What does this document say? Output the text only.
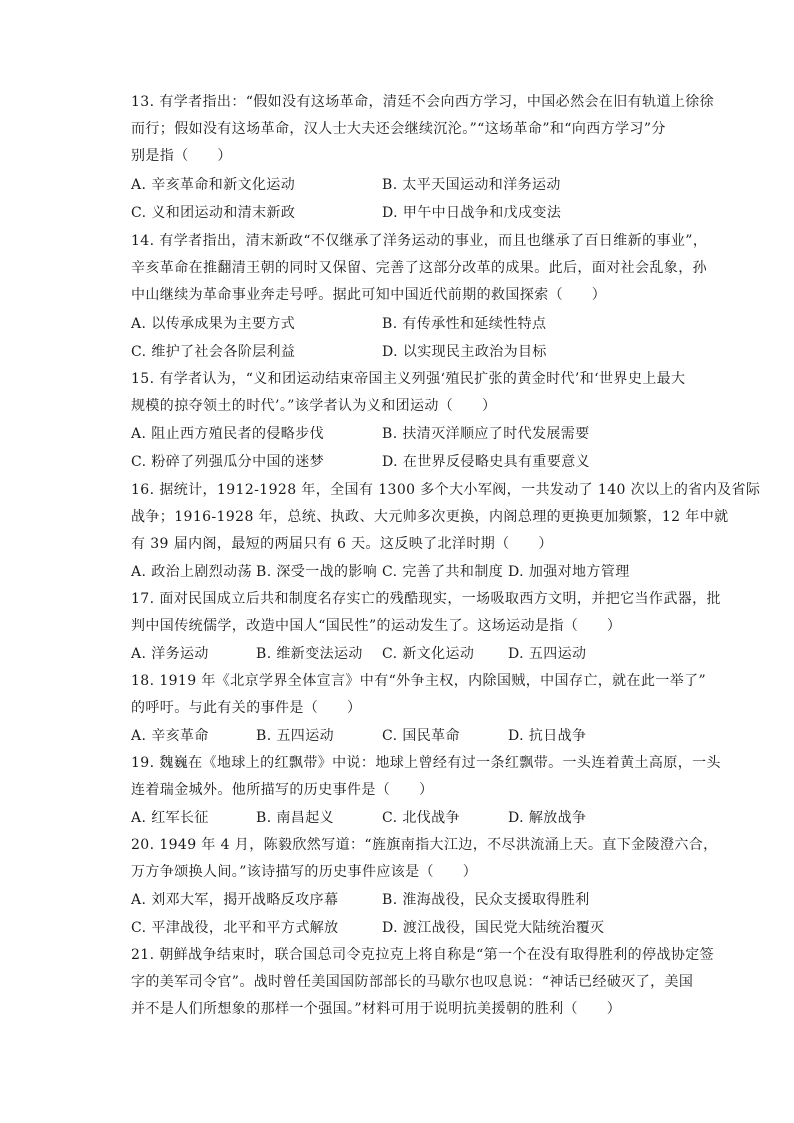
13. 有学者指出：“假如没有这场革命，清廷不会向西方学习，中国必然会在旧有轨道上徐徐
而行；假如没有这场革命，汉人士大夫还会继续沉沦。”“这场革命”和“向西方学习”分
别是指（　　）
A. 辛亥革命和新文化运动	B. 太平天国运动和洋务运动
C. 义和团运动和清末新政	D. 甲午中日战争和戊戌变法
14. 有学者指出，清末新政“不仅继承了洋务运动的事业，而且也继承了百日维新的事业”，
辛亥革命在推翻清王朝的同时又保留、完善了这部分改革的成果。此后，面对社会乱象，孙
中山继续为革命事业奔走号呼。据此可知中国近代前期的救国探索（　　）
A. 以传承成果为主要方式	B. 有传承性和延续性特点
C. 维护了社会各阶层利益	D. 以实现民主政治为目标
15. 有学者认为，“义和团运动结束帝国主义列强‘殖民扩张的黄金时代’和‘世界史上最大
规模的掠夺领土的时代’。”该学者认为义和团运动（　　）
A. 阻止西方殖民者的侵略步伐	B. 扶清灭洋顺应了时代发展需要
C. 粉碎了列强瓜分中国的迷梦	D. 在世界反侵略史具有重要意义
16. 据统计，1912-1928 年，全国有 1300 多个大小军阀，一共发动了 140 次以上的省内及省际
战争；1916-1928 年，总统、执政、大元帅多次更换，内阁总理的更换更加频繁，12 年中就
有 39 届内阁，最短的两届只有 6 天。这反映了北洋时期（　　）
A. 政治上剧烈动荡 B. 深受一战的影响 C. 完善了共和制度 D. 加强对地方管理
17. 面对民国成立后共和制度名存实亡的残酷现实，一场吸取西方文明，并把它当作武器，批
判中国传统儒学，改造中国人“国民性”的运动发生了。这场运动是指（　　）
A. 洋务运动	B. 维新变法运动 C. 新文化运动 D. 五四运动
18. 1919 年《北京学界全体宣言》中有“外争主权，内除国贼，中国存亡，就在此一举了”
的呼吁。与此有关的事件是（　　）
A. 辛亥革命	B. 五四运动	C. 国民革命	D. 抗日战争
19. 魏巍在《地球上的红飘带》中说：地球上曾经有过一条红飘带。一头连着黄土高原，一头
连着瑞金城外。他所描写的历史事件是（　　）
A. 红军长征	B. 南昌起义	C. 北伐战争	D. 解放战争
20. 1949 年 4 月，陈毅欣然写道：“旌旗南指大江边，不尽洪流涌上天。直下金陵澄六合，
万方争颂换人间。”该诗描写的历史事件应该是（　　）
A. 刘邓大军，揭开战略反攻序幕	B. 淮海战役，民众支援取得胜利
C. 平津战役，北平和平方式解放	D. 渡江战役，国民党大陆统治覆灭
21. 朝鲜战争结束时，联合国总司令克拉克上将自称是“第一个在没有取得胜利的停战协定签
字的美军司令官”。战时曾任美国国防部部长的马歇尔也叹息说：“神话已经破灭了，美国
并不是人们所想象的那样一个强国。”材料可用于说明抗美援朝的胜利（　　）
